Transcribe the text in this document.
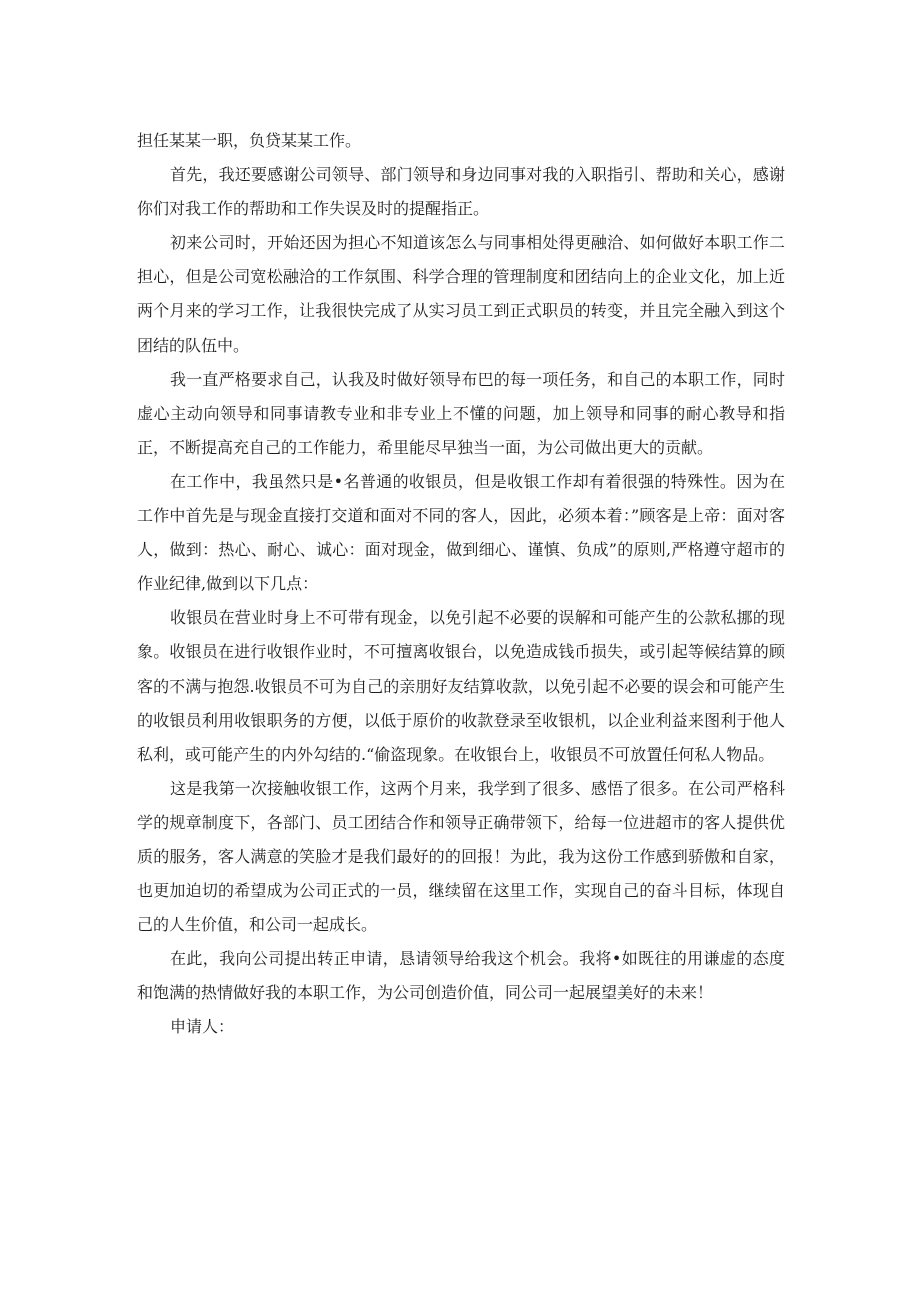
担任某某一职，负贷某某工作。

首先，我还要感谢公司领导、部门领导和身边同事对我的入职指引、帮助和关心，感谢你们对我工作的帮助和工作失误及时的提醒指正。

初来公司时，开始还因为担心不知道该怎么与同事相处得更融洽、如何做好本职工作二担心，但是公司宽松融洽的工作氛围、科学合理的管理制度和团结向上的企业文化，加上近两个月来的学习工作，让我很快完成了从实习员工到正式职员的转变，并且完全融入到这个团结的队伍中。

我一直严格要求自己，认我及时做好领导布巴的每一项任务，和自己的本职工作，同时虚心主动向领导和同事请教专业和非专业上不懂的问题，加上领导和同事的耐心教导和指正，不断提高充自己的工作能力，希里能尽早独当一面，为公司做出更大的贡献。

在工作中，我虽然只是•名普通的收银员，但是收银工作却有着很强的特殊性。因为在工作中首先是与现金直接打交道和面对不同的客人，因此，必须本着：”顾客是上帝：面对客人，做到：热心、耐心、诚心：面对现金，做到细心、谨慎、负成”的原则,严格遵守超市的作业纪律,做到以下几点：

收银员在营业时身上不可带有现金，以免引起不必要的误解和可能产生的公款私挪的现象。收银员在进行收银作业时，不可擅离收银台，以免造成钱币损失，或引起等候结算的顾客的不满与抱怨.收银员不可为自己的亲朋好友结算收款，以免引起不必要的误会和可能产生的收银员利用收银职务的方便，以低于原价的收款登录至收银机，以企业利益来图利于他人私利，或可能产生的内外勾结的.“偷盗现象。在收银台上，收银员不可放置任何私人物品。

这是我第一次接触收银工作，这两个月来，我学到了很多、感悟了很多。在公司严格科学的规章制度下，各部门、员工团结合作和领导正确带领下，给每一位进超市的客人提供优质的服务，客人满意的笑脸才是我们最好的的回报！为此，我为这份工作感到骄傲和自家，也更加迫切的希望成为公司正式的一员，继续留在这里工作，实现自己的奋斗目标，体现自己的人生价值，和公司一起成长。

在此，我向公司提出转正申请，恳请领导给我这个机会。我将•如既往的用谦虚的态度和饱满的热情做好我的本职工作，为公司创造价值，同公司一起展望美好的未来！

申请人：
